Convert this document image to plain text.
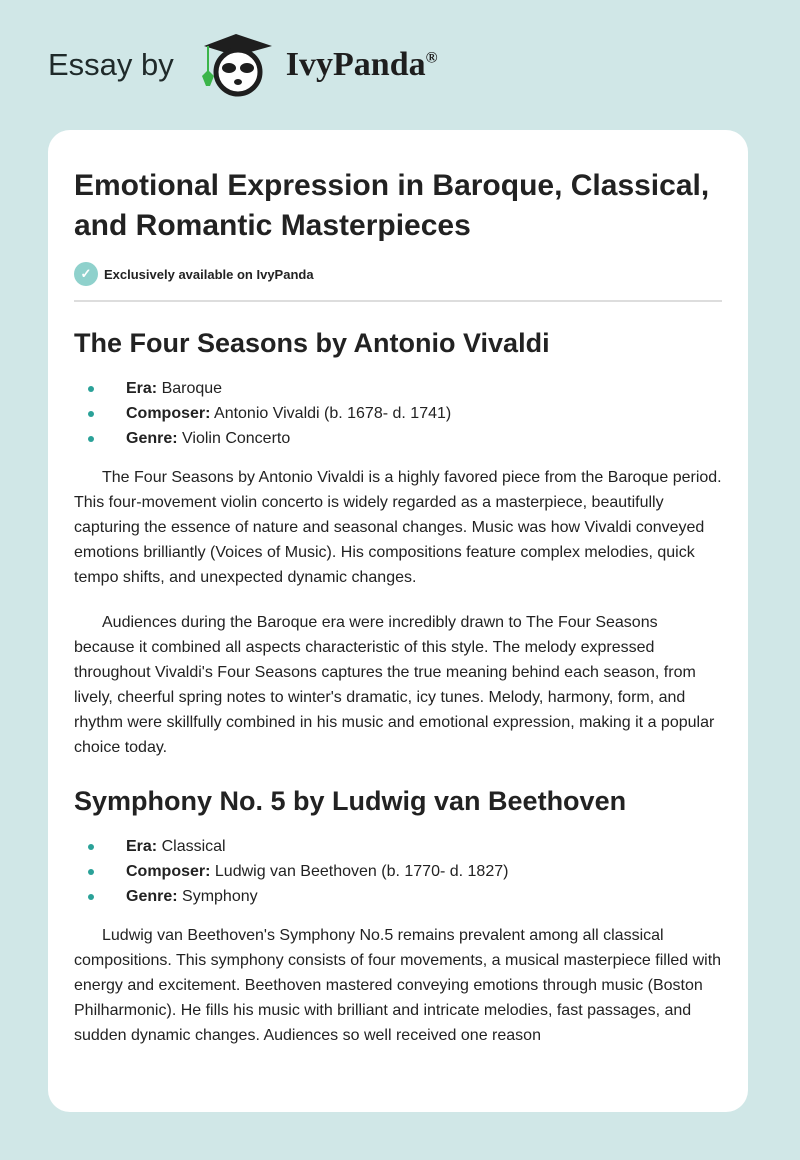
Essay by	IvyPanda®
Emotional Expression in Baroque, Classical, and Romantic Masterpieces
✓ Exclusively available on IvyPanda
The Four Seasons by Antonio Vivaldi
Era: Baroque
Composer: Antonio Vivaldi (b. 1678- d. 1741)
Genre: Violin Concerto

The Four Seasons by Antonio Vivaldi is a highly favored piece from the Baroque period. This four-movement violin concerto is widely regarded as a masterpiece, beautifully capturing the essence of nature and seasonal changes. Music was how Vivaldi conveyed emotions brilliantly (Voices of Music). His compositions feature complex melodies, quick tempo shifts, and unexpected dynamic changes.

Audiences during the Baroque era were incredibly drawn to The Four Seasons because it combined all aspects characteristic of this style. The melody expressed throughout Vivaldi's Four Seasons captures the true meaning behind each season, from lively, cheerful spring notes to winter's dramatic, icy tunes. Melody, harmony, form, and rhythm were skillfully combined in his music and emotional expression, making it a popular choice today.

Symphony No. 5 by Ludwig van Beethoven
Era: Classical
Composer: Ludwig van Beethoven (b. 1770- d. 1827)
Genre: Symphony

Ludwig van Beethoven's Symphony No.5 remains prevalent among all classical compositions. This symphony consists of four movements, a musical masterpiece filled with energy and excitement. Beethoven mastered conveying emotions through music (Boston Philharmonic). He fills his music with brilliant and intricate melodies, fast passages, and sudden dynamic changes. Audiences so well received one reason
